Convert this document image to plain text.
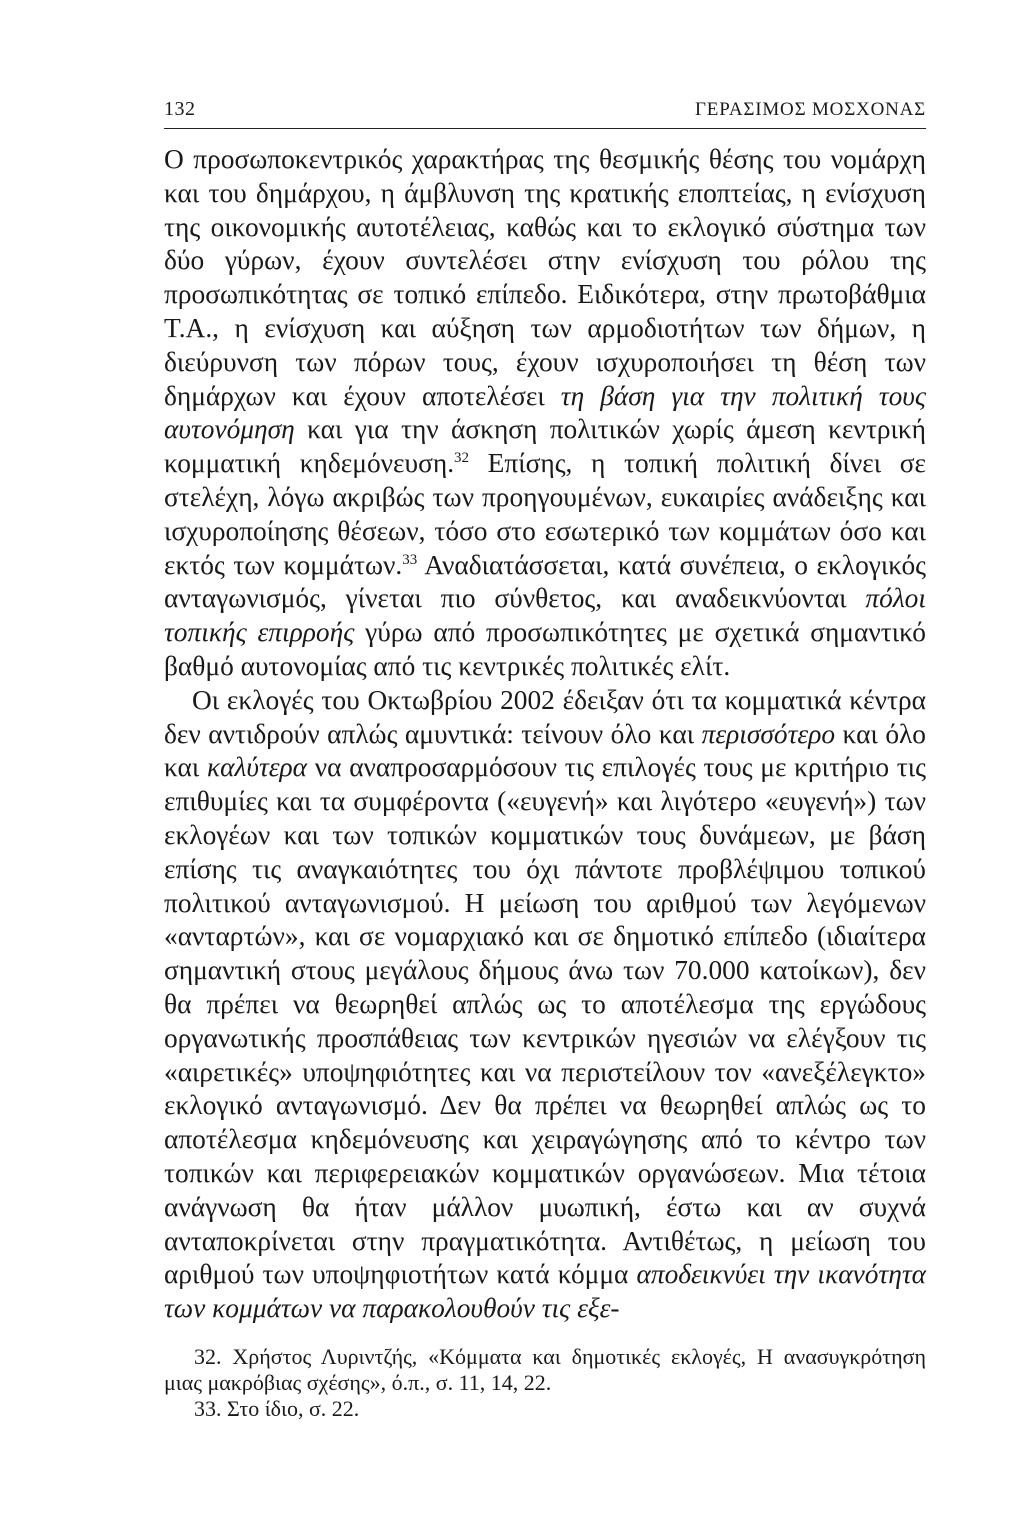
132	ΓΕΡΑΣΙΜΟΣ ΜΟΣΧΟΝΑΣ

Ο προσωποκεντρικός χαρακτήρας της θεσμικής θέσης του νομάρχη και του δημάρχου, η άμβλυνση της κρατικής εποπτείας, η ενίσχυση της οικονομικής αυτοτέλειας, καθώς και το εκλογικό σύστημα των δύο γύρων, έχουν συντελέσει στην ενίσχυση του ρόλου της προσωπικότητας σε τοπικό επίπεδο. Ειδικότερα, στην πρωτοβάθμια Τ.Α., η ενίσχυση και αύξηση των αρμοδιοτήτων των δήμων, η διεύρυνση των πόρων τους, έχουν ισχυροποιήσει τη θέση των δημάρχων και έχουν αποτελέσει τη βάση για την πολιτική τους αυτονόμηση και για την άσκηση πολιτικών χωρίς άμεση κεντρική κομματική κηδεμόνευση.$^{32}$ Επίσης, η τοπική πολιτική δίνει σε στελέχη, λόγω ακριβώς των προηγουμένων, ευκαιρίες ανάδειξης και ισχυροποίησης θέσεων, τόσο στο εσωτερικό των κομμάτων όσο και εκτός των κομμάτων.$^{33}$ Αναδιατάσσεται, κατά συνέπεια, ο εκλογικός ανταγωνισμός, γίνεται πιο σύνθετος, και αναδεικνύονται πόλοι τοπικής επιρροής γύρω από προσωπικότητες με σχετικά σημαντικό βαθμό αυτονομίας από τις κεντρικές πολιτικές ελίτ.

Οι εκλογές του Οκτωβρίου 2002 έδειξαν ότι τα κομματικά κέντρα δεν αντιδρούν απλώς αμυντικά: τείνουν όλο και περισσότερο και όλο και καλύτερα να αναπροσαρμόσουν τις επιλογές τους με κριτήριο τις επιθυμίες και τα συμφέροντα («ευγενή» και λιγότερο «ευγενή») των εκλογέων και των τοπικών κομματικών τους δυνάμεων, με βάση επίσης τις αναγκαιότητες του όχι πάντοτε προβλέψιμου τοπικού πολιτικού ανταγωνισμού. Η μείωση του αριθμού των λεγόμενων «ανταρτών», και σε νομαρχιακό και σε δημοτικό επίπεδο (ιδιαίτερα σημαντική στους μεγάλους δήμους άνω των 70.000 κατοίκων), δεν θα πρέπει να θεωρηθεί απλώς ως το αποτέλεσμα της εργώδους οργανωτικής προσπάθειας των κεντρικών ηγεσιών να ελέγξουν τις «αιρετικές» υποψηφιότητες και να περιστείλουν τον «ανεξέλεγκτο» εκλογικό ανταγωνισμό. Δεν θα πρέπει να θεωρηθεί απλώς ως το αποτέλεσμα κηδεμόνευσης και χειραγώγησης από το κέντρο των τοπικών και περιφερειακών κομματικών οργανώσεων. Μια τέτοια ανάγνωση θα ήταν μάλλον μυωπική, έστω και αν συχνά ανταποκρίνεται στην πραγματικότητα. Αντιθέτως, η μείωση του αριθμού των υποψηφιοτήτων κατά κόμμα αποδεικνύει την ικανότητα των κομμάτων να παρακολουθούν τις εξε-

32. Χρήστος Λυριντζής, «Κόμματα και δημοτικές εκλογές, Η ανασυγκρότηση μιας μακρόβιας σχέσης», ό.π., σ. 11, 14, 22.

33. Στο ίδιο, σ. 22.
